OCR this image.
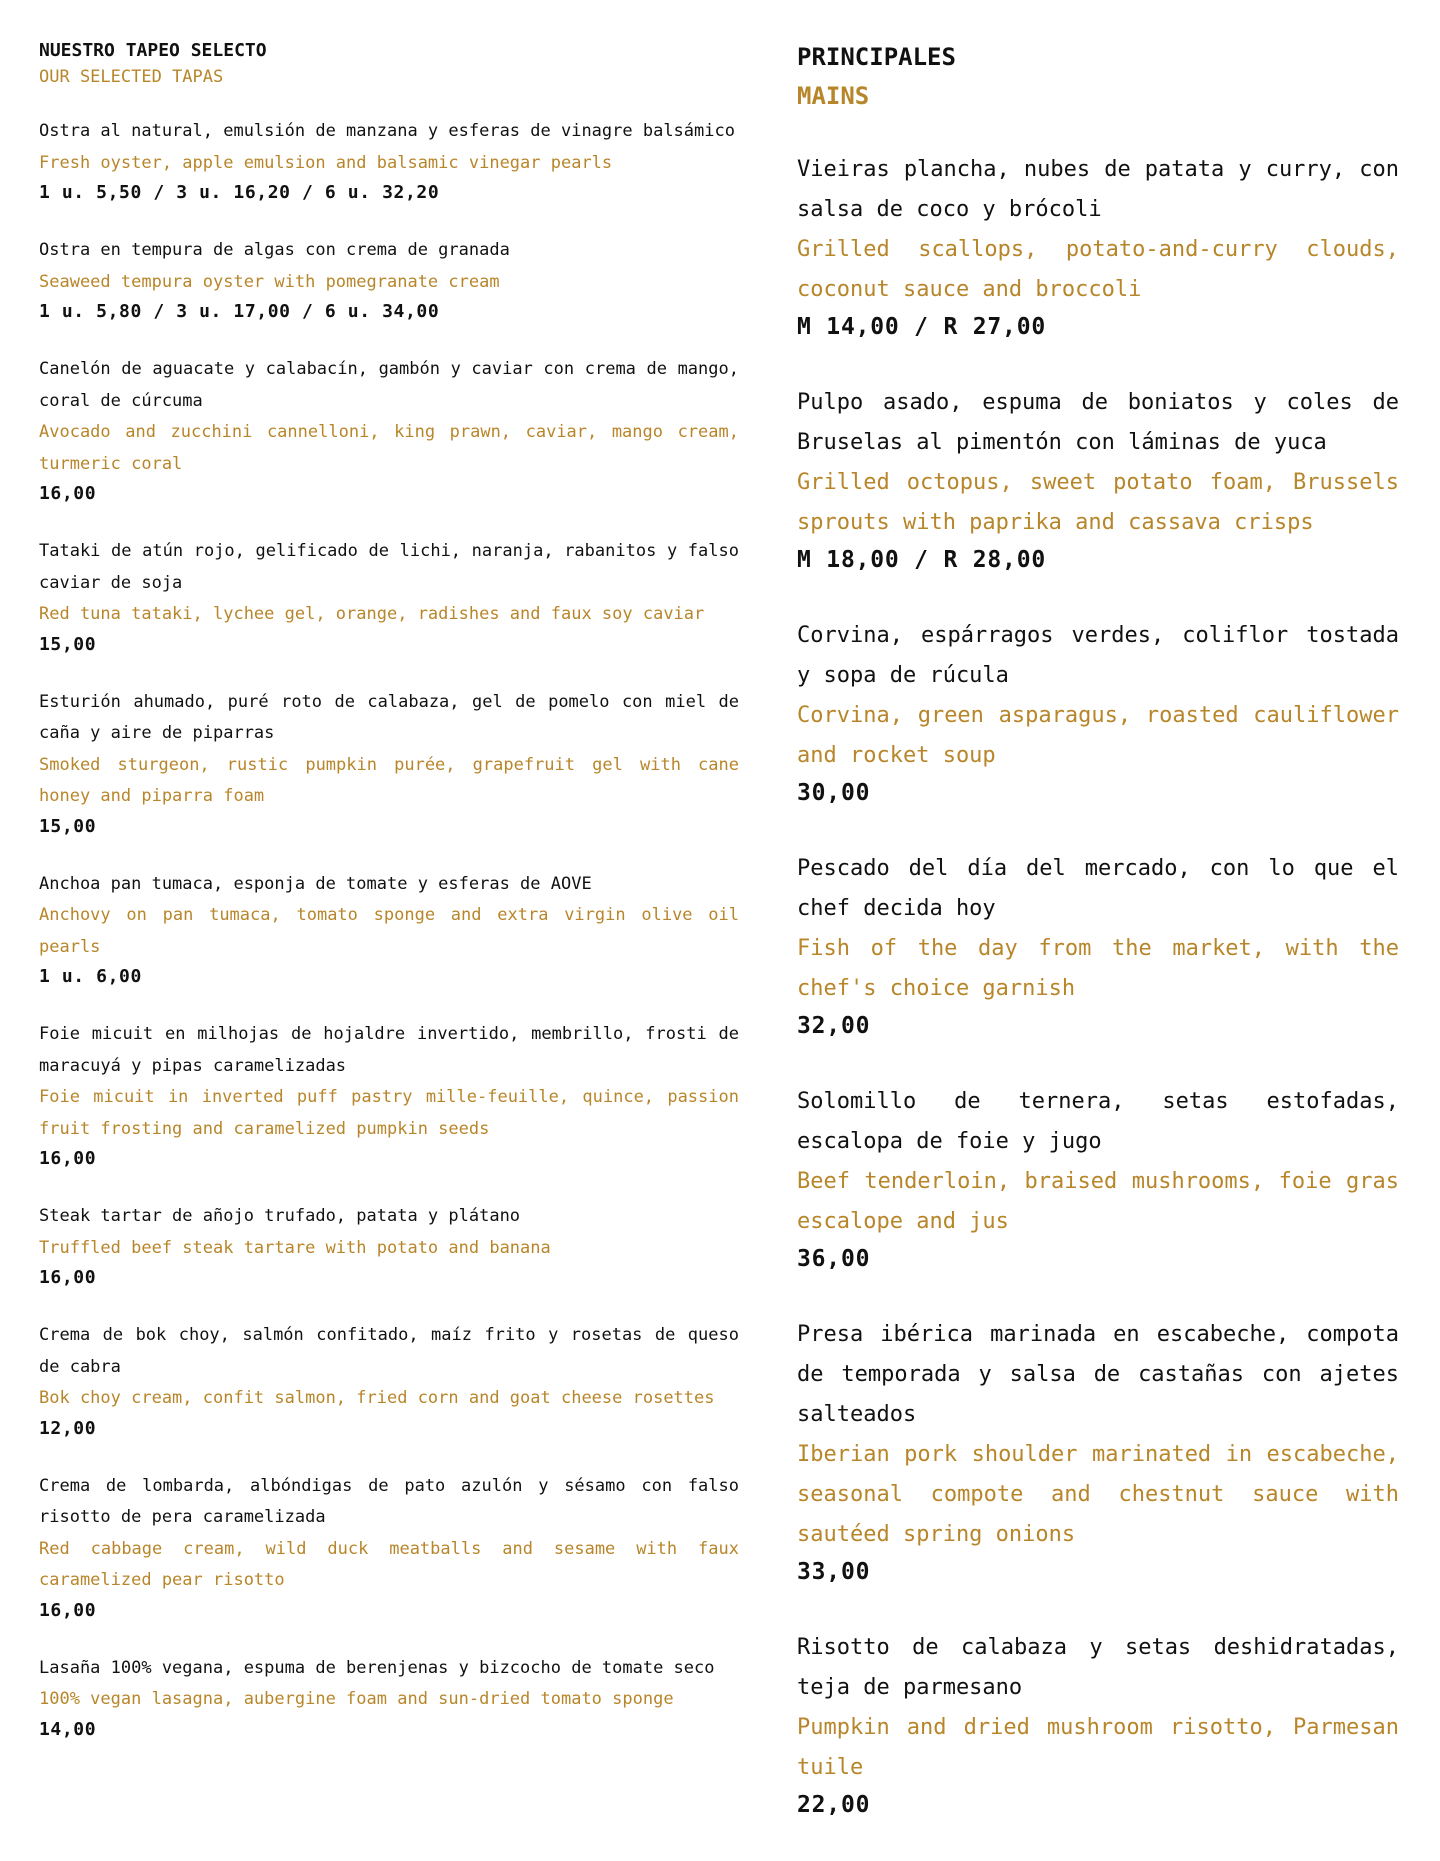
NUESTRO TAPEO SELECTO
OUR SELECTED TAPAS
Ostra al natural, emulsión de manzana y esferas de vinagre balsámico
Fresh oyster, apple emulsion and balsamic vinegar pearls
1 u. 5,50 / 3 u. 16,20 / 6 u. 32,20
Ostra en tempura de algas con crema de granada
Seaweed tempura oyster with pomegranate cream
1 u. 5,80 / 3 u. 17,00 / 6 u. 34,00
Canelón de aguacate y calabacín, gambón y caviar con crema de mango, coral de cúrcuma
Avocado and zucchini cannelloni, king prawn, caviar, mango cream, turmeric coral
16,00
Tataki de atún rojo, gelificado de lichi, naranja, rabanitos y falso caviar de soja
Red tuna tataki, lychee gel, orange, radishes and faux soy caviar
15,00
Esturión ahumado, puré roto de calabaza, gel de pomelo con miel de caña y aire de piparras
Smoked sturgeon, rustic pumpkin purée, grapefruit gel with cane honey and piparra foam
15,00
Anchoa pan tumaca, esponja de tomate y esferas de AOVE
Anchovy on pan tumaca, tomato sponge and extra virgin olive oil pearls
1 u. 6,00
Foie micuit en milhojas de hojaldre invertido, membrillo, frosti de maracuyá y pipas caramelizadas
Foie micuit in inverted puff pastry mille-feuille, quince, passion fruit frosting and caramelized pumpkin seeds
16,00
Steak tartar de añojo trufado, patata y plátano
Truffled beef steak tartare with potato and banana
16,00
Crema de bok choy, salmón confitado, maíz frito y rosetas de queso de cabra
Bok choy cream, confit salmon, fried corn and goat cheese rosettes
12,00
Crema de lombarda, albóndigas de pato azulón y sésamo con falso risotto de pera caramelizada
Red cabbage cream, wild duck meatballs and sesame with faux caramelized pear risotto
16,00
Lasaña 100% vegana, espuma de berenjenas y bizcocho de tomate seco
100% vegan lasagna, aubergine foam and sun-dried tomato sponge
14,00
PRINCIPALES
MAINS
Vieiras plancha, nubes de patata y curry, con salsa de coco y brócoli
Grilled scallops, potato-and-curry clouds, coconut sauce and broccoli
M 14,00 / R 27,00
Pulpo asado, espuma de boniatos y coles de Bruselas al pimentón con láminas de yuca
Grilled octopus, sweet potato foam, Brussels sprouts with paprika and cassava crisps
M 18,00 / R 28,00
Corvina, espárragos verdes, coliflor tostada y sopa de rúcula
Corvina, green asparagus, roasted cauliflower and rocket soup
30,00
Pescado del día del mercado, con lo que el chef decida hoy
Fish of the day from the market, with the chef's choice garnish
32,00
Solomillo de ternera, setas estofadas, escalopa de foie y jugo
Beef tenderloin, braised mushrooms, foie gras escalope and jus
36,00
Presa ibérica marinada en escabeche, compota de temporada y salsa de castañas con ajetes salteados
Iberian pork shoulder marinated in escabeche, seasonal compote and chestnut sauce with sautéed spring onions
33,00
Risotto de calabaza y setas deshidratadas, teja de parmesano
Pumpkin and dried mushroom risotto, Parmesan tuile
22,00
